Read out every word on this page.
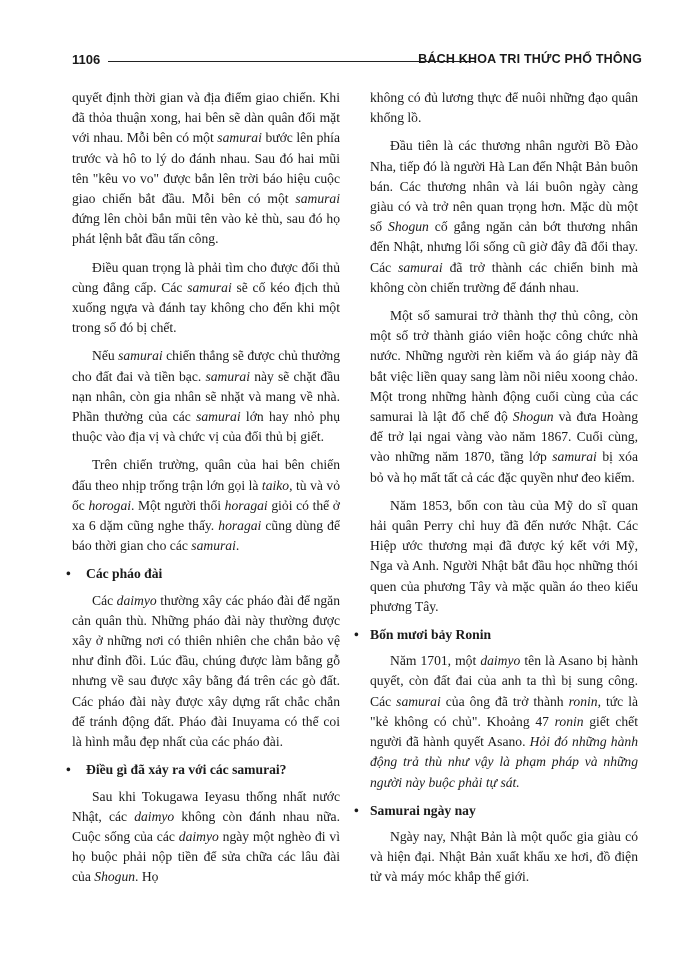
1106	BÁCH KHOA TRI THỨC PHỔ THÔNG

quyết định thời gian và địa điểm giao chiến. Khi đã thỏa thuận xong, hai bên sẽ dàn quân đối mặt với nhau. Mỗi bên có một samurai bước lên phía trước và hô to lý do đánh nhau. Sau đó hai mũi tên "kêu vo vo" được bắn lên trời báo hiệu cuộc giao chiến bắt đầu. Mỗi bên có một samurai đứng lên chòi bắn mũi tên vào kẻ thù, sau đó họ phát lệnh bắt đầu tấn công.

Điều quan trọng là phải tìm cho được đối thủ cùng đẳng cấp. Các samurai sẽ cố kéo địch thủ xuống ngựa và đánh tay không cho đến khi một trong số đó bị chết.

Nếu samurai chiến thắng sẽ được chủ thưởng cho đất đai và tiền bạc. samurai này sẽ chặt đầu nạn nhân, còn gia nhân sẽ nhặt và mang về nhà. Phần thưởng của các samurai lớn hay nhỏ phụ thuộc vào địa vị và chức vị của đối thủ bị giết.

Trên chiến trường, quân của hai bên chiến đấu theo nhịp trống trận lớn gọi là taiko, tù và vỏ ốc horogai. Một người thổi horagai giỏi có thể ở xa 6 dặm cũng nghe thấy. horagai cũng dùng để báo thời gian cho các samurai.

• Các pháo đài

Các daimyo thường xây các pháo đài để ngăn cản quân thù. Những pháo đài này thường được xây ở những nơi có thiên nhiên che chắn bảo vệ như đỉnh đồi. Lúc đầu, chúng được làm bằng gỗ nhưng về sau được xây bằng đá trên các gò đất. Các pháo đài này được xây dựng rất chắc chắn để tránh động đất. Pháo đài Inuyama có thể coi là hình mẫu đẹp nhất của các pháo đài.

• Điều gì đã xảy ra với các samurai?

Sau khi Tokugawa Ieyasu thống nhất nước Nhật, các daimyo không còn đánh nhau nữa. Cuộc sống của các daimyo ngày một nghèo đi vì họ buộc phải nộp tiền để sửa chữa các lâu đài của Shogun. Họ

không có đủ lương thực để nuôi những đạo quân khổng lồ.

Đầu tiên là các thương nhân người Bồ Đào Nha, tiếp đó là người Hà Lan đến Nhật Bản buôn bán. Các thương nhân và lái buôn ngày càng giàu có và trở nên quan trọng hơn. Mặc dù một số Shogun cố gắng ngăn cản bớt thương nhân đến Nhật, nhưng lối sống cũ giờ đây đã đổi thay. Các samurai đã trở thành các chiến binh mà không còn chiến trường để đánh nhau.

Một số samurai trở thành thợ thủ công, còn một số trở thành giáo viên hoặc công chức nhà nước. Những người rèn kiếm và áo giáp này đã bắt việc liền quay sang làm nồi niêu xoong chảo. Một trong những hành động cuối cùng của các samurai là lật đổ chế độ Shogun và đưa Hoàng đế trở lại ngai vàng vào năm 1867. Cuối cùng, vào những năm 1870, tầng lớp samurai bị xóa bỏ và họ mất tất cả các đặc quyền như đeo kiếm.

Năm 1853, bốn con tàu của Mỹ do sĩ quan hải quân Perry chỉ huy đã đến nước Nhật. Các Hiệp ước thương mại đã được ký kết với Mỹ, Nga và Anh. Người Nhật bắt đầu học những thói quen của phương Tây và mặc quần áo theo kiểu phương Tây.

• Bốn mươi bảy Ronin

Năm 1701, một daimyo tên là Asano bị hành quyết, còn đất đai của anh ta thì bị sung công. Các samurai của ông đã trở thành ronin, tức là "kẻ không có chủ". Khoảng 47 ronin giết chết người đã hành quyết Asano. Hỏi đó những hành động trả thù như vậy là phạm pháp và những người này buộc phải tự sát.

• Samurai ngày nay

Ngày nay, Nhật Bản là một quốc gia giàu có và hiện đại. Nhật Bản xuất khẩu xe hơi, đồ điện tử và máy móc khắp thế giới.
